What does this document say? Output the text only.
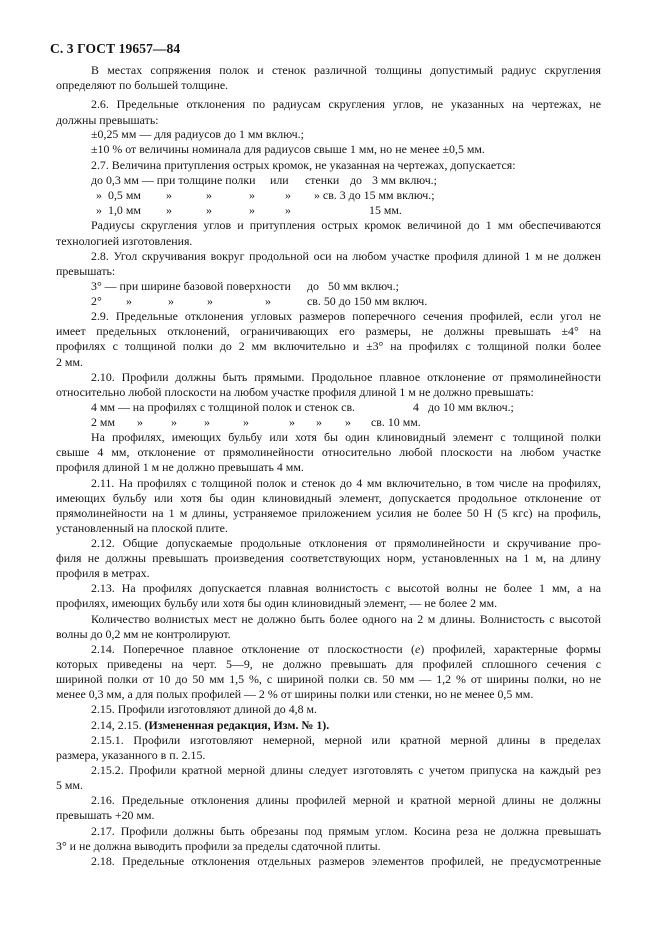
С. 3 ГОСТ 19657—84
В местах сопряжения полок и стенок различной толщины допустимый радиус скругления
определяют по большей толщине.
2.6. Предельные отклонения по радиусам скругления углов, не указанных на чертежах, не
должны превышать:
±0,25 мм — для радиусов до 1 мм включ.;
±10 % от величины номинала для радиусов свыше 1 мм, но не менее ±0,5 мм.
2.7. Величина притупления острых кромок, не указанная на чертежах, допускается:
до 0,3 мм — при толщине полки или стенки до 3 мм включ.;
» 0,5 мм »	»	»	» » св. 3 до 15 мм включ.;
» 1,0 мм »	»	»	»	15 мм.
Радиусы скругления углов и притупления острых кромок величиной до 1 мм обеспечиваются
технологией изготовления.
2.8. Угол скручивания вокруг продольной оси на любом участке профиля длиной 1 м не должен
превышать:
3° — при ширине базовой поверхности до 50 мм включ.;
2° »	»	»	»	св. 50 до 150 мм включ.
2.9. Предельные отклонения угловых размеров поперечного сечения профилей, если угол не
имеет предельных отклонений, ограничивающих его размеры, не должны превышать ±4° на
профилях с толщиной полки до 2 мм включительно и ±3° на профилях с толщиной полки более
2 мм.
2.10. Профили должны быть прямыми. Продольное плавное отклонение от прямолинейности
относительно любой плоскости на любом участке профиля длиной 1 м не должно превышать:
4 мм — на профилях с толщиной полок и стенок св.	4 до 10 мм включ.;
2 мм » » »	»	» » » св. 10 мм.
На профилях, имеющих бульбу или хотя бы один клиновидный элемент с толщиной полки
свыше 4 мм, отклонение от прямолинейности относительно любой плоскости на любом участке
профиля длиной 1 м не должно превышать 4 мм.
2.11. На профилях с толщиной полок и стенок до 4 мм включительно, в том числе на профилях,
имеющих бульбу или хотя бы один клиновидный элемент, допускается продольное отклонение от
прямолинейности на 1 м длины, устраняемое приложением усилия не более 50 Н (5 кгс) на профиль,
установленный на плоской плите.
2.12. Общие допускаемые продольные отклонения от прямолинейности и скручивание про-
филя не должны превышать произведения соответствующих норм, установленных на 1 м, на длину
профиля в метрах.
2.13. На профилях допускается плавная волнистость с высотой волны не более 1 мм, а на
профилях, имеющих бульбу или хотя бы один клиновидный элемент, — не более 2 мм.
Количество волнистых мест не должно быть более одного на 2 м длины. Волнистость с высотой
волны до 0,2 мм не контролируют.
2.14. Поперечное плавное отклонение от плоскостности (e) профилей, характерные формы
которых приведены на черт. 5—9, не должно превышать для профилей сплошного сечения с
шириной полки от 10 до 50 мм 1,5 %, с шириной полки св. 50 мм — 1,2 % от ширины полки, но не
менее 0,3 мм, а для полых профилей — 2 % от ширины полки или стенки, но не менее 0,5 мм.
2.15. Профили изготовляют длиной до 4,8 м.
2.14, 2.15. (Измененная редакция, Изм. № 1).
2.15.1. Профили изготовляют немерной, мерной или кратной мерной длины в пределах
размера, указанного в п. 2.15.
2.15.2. Профили кратной мерной длины следует изготовлять с учетом припуска на каждый рез
5 мм.
2.16. Предельные отклонения длины профилей мерной и кратной мерной длины не должны
превышать +20 мм.
2.17. Профили должны быть обрезаны под прямым углом. Косина реза не должна превышать
3° и не должна выводить профили за пределы сдаточной плиты.
2.18. Предельные отклонения отдельных размеров элементов профилей, не предусмотренные
